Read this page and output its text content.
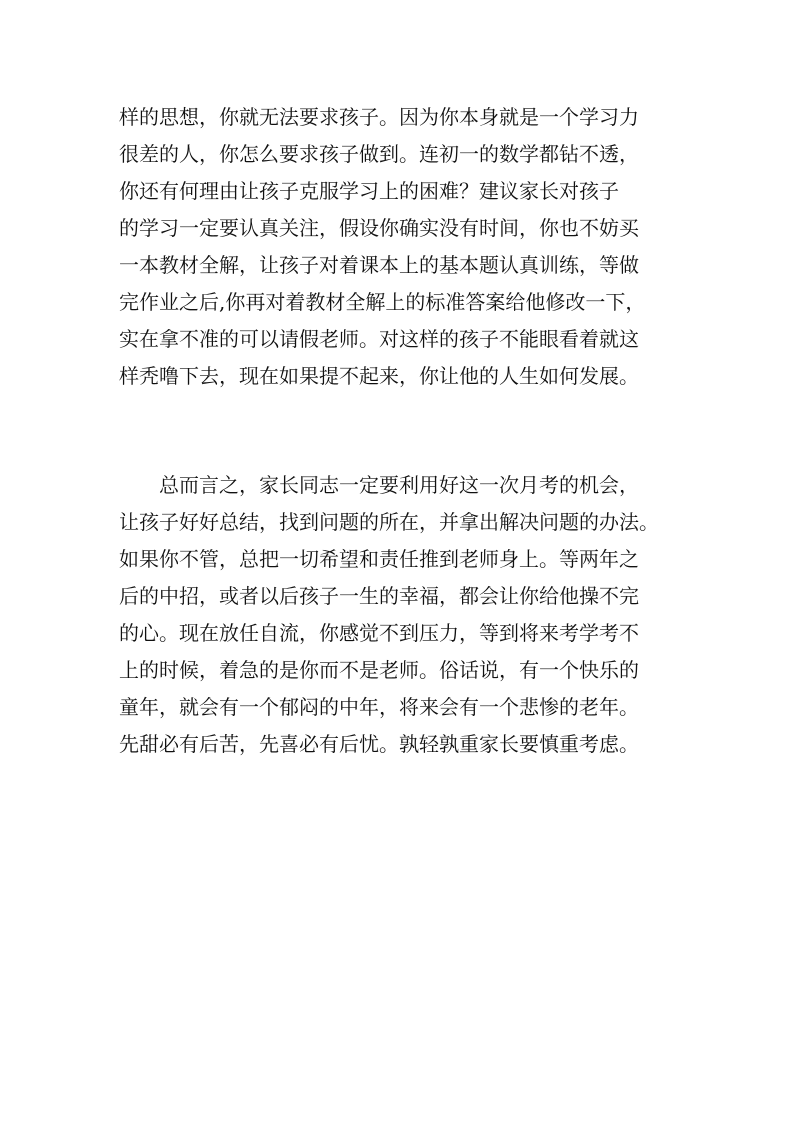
样的思想，你就无法要求孩子。因为你本身就是一个学习力

很差的人，你怎么要求孩子做到。连初一的数学都钻不透，

你还有何理由让孩子克服学习上的困难？建议家长对孩子

的学习一定要认真关注，假设你确实没有时间，你也不妨买

一本教材全解，让孩子对着课本上的基本题认真训练，等做

完作业之后,你再对着教材全解上的标准答案给他修改一下，

实在拿不准的可以请假老师。对这样的孩子不能眼看着就这

样秃噜下去，现在如果提不起来，你让他的人生如何发展。

总而言之，家长同志一定要利用好这一次月考的机会，

让孩子好好总结，找到问题的所在，并拿出解决问题的办法。

如果你不管，总把一切希望和责任推到老师身上。等两年之

后的中招，或者以后孩子一生的幸福，都会让你给他操不完

的心。现在放任自流，你感觉不到压力，等到将来考学考不

上的时候，着急的是你而不是老师。俗话说，有一个快乐的

童年，就会有一个郁闷的中年，将来会有一个悲惨的老年。

先甜必有后苦，先喜必有后忧。孰轻孰重家长要慎重考虑。
